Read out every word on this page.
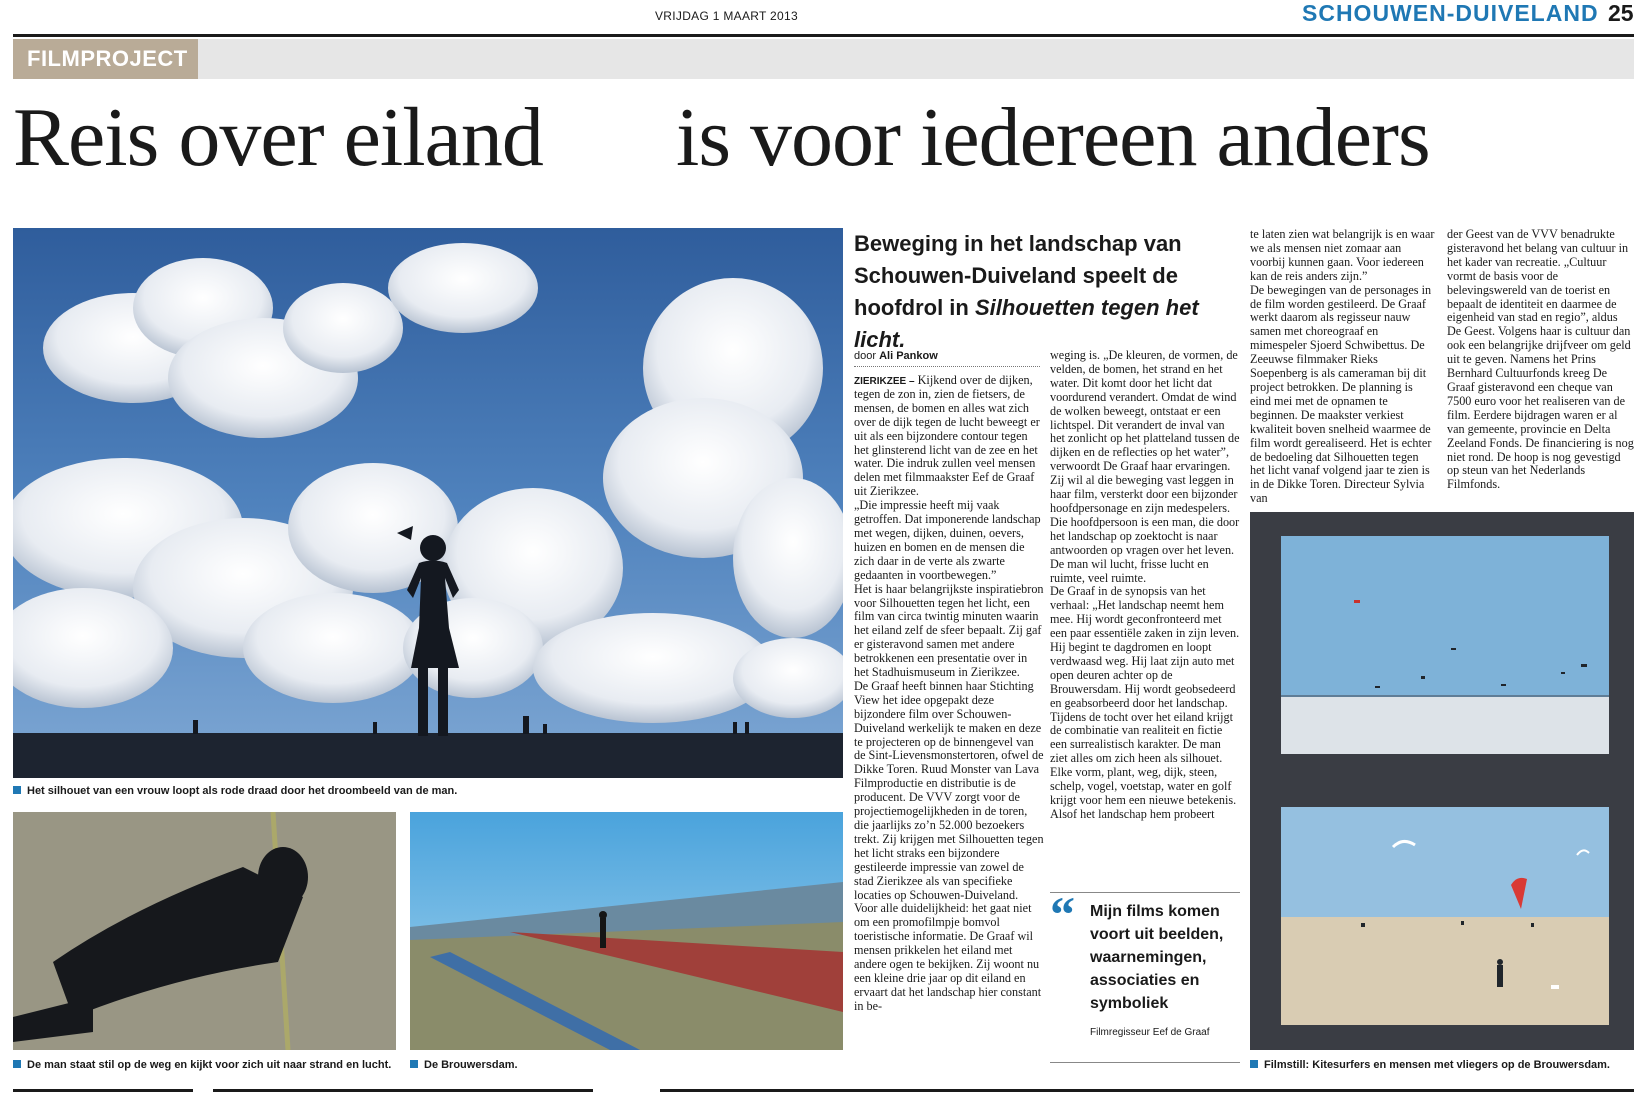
VRIJDAG 1 MAART 2013	SCHOUWEN-DUIVELAND 25
FILMPROJECT
Reis over eiland is voor iedereen anders
Het silhouet van een vrouw loopt als rode draad door het droombeeld van de man.
De man staat stil op de weg en kijkt voor zich uit naar strand en lucht.	De Brouwersdam.
Beweging in het landschap van Schouwen-Duiveland speelt de hoofdrol in Silhouetten tegen het licht.
door Ali Pankow

ZIERIKZEE – Kijkend over de dijken, tegen de zon in, zien de fietsers, de mensen, de bomen en alles wat zich over de dijk tegen de lucht beweegt er uit als een bijzondere contour tegen het glinsterend licht van de zee en het water. Die indruk zullen veel mensen delen met filmmaakster Eef de Graaf uit Zierikzee.

„Die impressie heeft mij vaak getroffen. Dat imponerende landschap met wegen, dijken, duinen, oevers, huizen en bomen en de mensen die zich daar in de verte als zwarte gedaanten in voortbewegen.”

Het is haar belangrijkste inspiratiebron voor Silhouetten tegen het licht, een film van circa twintig minuten waarin het eiland zelf de sfeer bepaalt. Zij gaf er gisteravond samen met andere betrokkenen een presentatie over in het Stadhuismuseum in Zierikzee.

De Graaf heeft binnen haar Stichting View het idee opgepakt deze bijzondere film over Schouwen-Duiveland werkelijk te maken en deze te projecteren op de binnengevel van de Sint-Lievensmonstertoren, ofwel de Dikke Toren. Ruud Monster van Lava Filmproductie en distributie is de producent. De VVV zorgt voor de projectiemogelijkheden in de toren, die jaarlijks zo’n 52.000 bezoekers trekt. Zij krijgen met Silhouetten tegen het licht straks een bijzondere gestileerde impressie van zowel de stad Zierikzee als van specifieke locaties op Schouwen-Duiveland.

Voor alle duidelijkheid: het gaat niet om een promofilmpje bomvol toeristische informatie. De Graaf wil mensen prikkelen het eiland met andere ogen te bekijken. Zij woont nu een kleine drie jaar op dit eiland en ervaart dat het landschap hier constant in be-

weging is. „De kleuren, de vormen, de velden, de bomen, het strand en het water. Dit komt door het licht dat voordurend verandert. Omdat de wind de wolken beweegt, ontstaat er een lichtspel. Dit verandert de inval van het zonlicht op het platteland tussen de dijken en de reflecties op het water”, verwoordt De Graaf haar ervaringen.

Zij wil al die beweging vast leggen in haar film, versterkt door een bijzonder hoofdpersonage en zijn medespelers. Die hoofdpersoon is een man, die door het landschap op zoektocht is naar antwoorden op vragen over het leven. De man wil lucht, frisse lucht en ruimte, veel ruimte.

De Graaf in de synopsis van het verhaal: „Het landschap neemt hem mee. Hij wordt geconfronteerd met een paar essentiële zaken in zijn leven. Hij begint te dagdromen en loopt verdwaasd weg. Hij laat zijn auto met open deuren achter op de Brouwersdam. Hij wordt geobsedeerd en geabsorbeerd door het landschap. Tijdens de tocht over het eiland krijgt de combinatie van realiteit en fictie een surrealistisch karakter. De man ziet alles om zich heen als silhouet. Elke vorm, plant, weg, dijk, steen, schelp, vogel, voetstap, water en golf krijgt voor hem een nieuwe betekenis. Alsof het landschap hem probeert

“ Mijn films komen voort uit beelden, waarnemingen, associaties en symboliek
Filmregisseur Eef de Graaf

te laten zien wat belangrijk is en waar we als mensen niet zomaar aan voorbij kunnen gaan. Voor iedereen kan de reis anders zijn.”

De bewegingen van de personages in de film worden gestileerd. De Graaf werkt daarom als regisseur nauw samen met choreograaf en mimespeler Sjoerd Schwibettus. De Zeeuwse filmmaker Rieks Soepenberg is als cameraman bij dit project betrokken. De planning is eind mei met de opnamen te beginnen. De maakster verkiest kwaliteit boven snelheid waarmee de film wordt gerealiseerd. Het is echter de bedoeling dat Silhouetten tegen het licht vanaf volgend jaar te zien is in de Dikke Toren. Directeur Sylvia van

der Geest van de VVV benadrukte gisteravond het belang van cultuur in het kader van recreatie. „Cultuur vormt de basis voor de belevingswereld van de toerist en bepaalt de identiteit en daarmee de eigenheid van stad en regio”, aldus De Geest. Volgens haar is cultuur dan ook een belangrijke drijfveer om geld uit te geven. Namens het Prins Bernhard Cultuurfonds kreeg De Graaf gisteravond een cheque van 7500 euro voor het realiseren van de film. Eerdere bijdragen waren er al van gemeente, provincie en Delta Zeeland Fonds. De financiering is nog niet rond. De hoop is nog gevestigd op steun van het Nederlands Filmfonds.

Filmstill: Kitesurfers en mensen met vliegers op de Brouwersdam.
